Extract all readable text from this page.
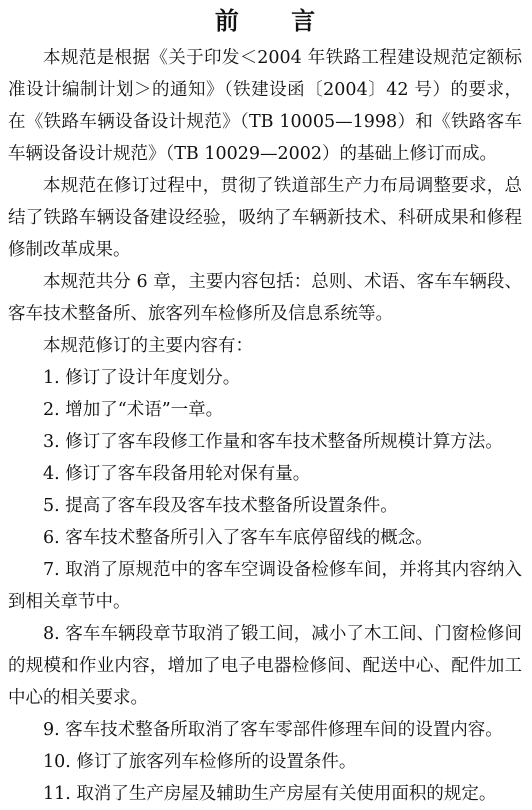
前 言

本规范是根据《关于印发＜2004 年铁路工程建设规范定额标准设计编制计划＞的通知》（铁建设函〔2004〕42 号）的要求，在《铁路车辆设备设计规范》（TB 10005—1998）和《铁路客车车辆设备设计规范》（TB 10029—2002）的基础上修订而成。

本规范在修订过程中，贯彻了铁道部生产力布局调整要求，总结了铁路车辆设备建设经验，吸纳了车辆新技术、科研成果和修程修制改革成果。

本规范共分 6 章，主要内容包括：总则、术语、客车车辆段、客车技术整备所、旅客列车检修所及信息系统等。

本规范修订的主要内容有：

1. 修订了设计年度划分。

2. 增加了“术语”一章。

3. 修订了客车段修工作量和客车技术整备所规模计算方法。

4. 修订了客车段备用轮对保有量。

5. 提高了客车段及客车技术整备所设置条件。

6. 客车技术整备所引入了客车车底停留线的概念。

7. 取消了原规范中的客车空调设备检修车间，并将其内容纳入到相关章节中。

8. 客车车辆段章节取消了锻工间，减小了木工间、门窗检修间的规模和作业内容，增加了电子电器检修间、配送中心、配件加工中心的相关要求。

9. 客车技术整备所取消了客车零部件修理车间的设置内容。

10. 修订了旅客列车检修所的设置条件。

11. 取消了生产房屋及辅助生产房屋有关使用面积的规定。
